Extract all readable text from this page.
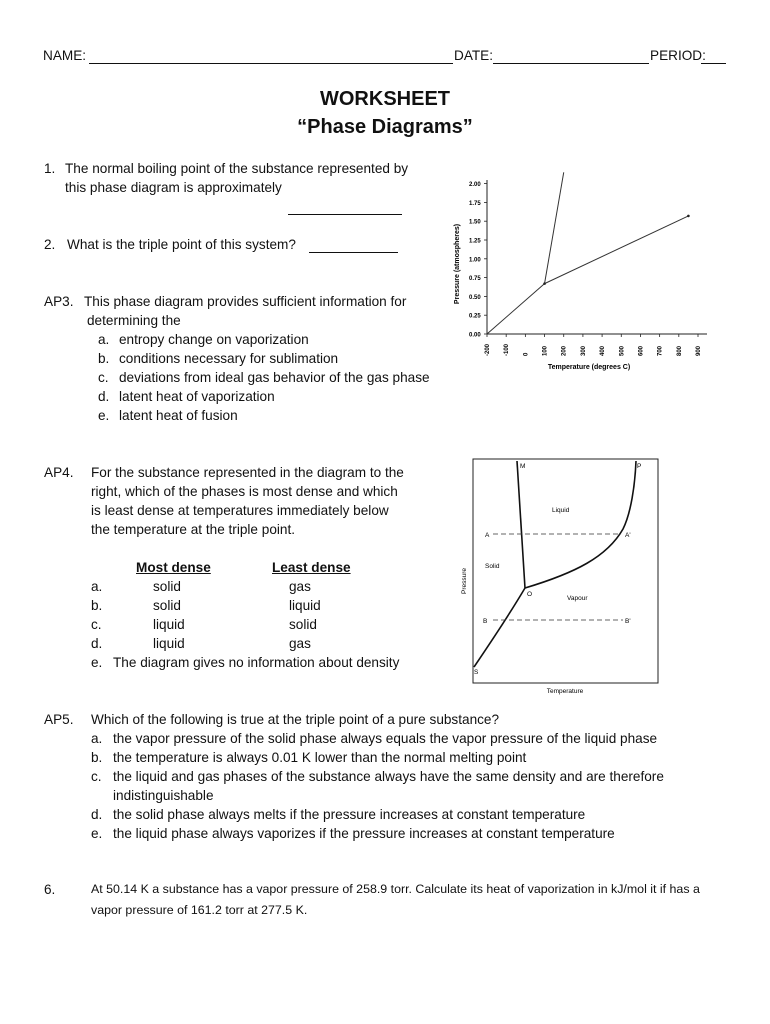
NAME:	DATE:	PERIOD:
WORKSHEET
“Phase Diagrams”
1. The normal boiling point of the substance represented by
this phase diagram is approximately
2. What is the triple point of this system?
AP3. This phase diagram provides sufficient information for
determining the
a. entropy change on vaporization
b. conditions necessary for sublimation
c. deviations from ideal gas behavior of the gas phase
d. latent heat of vaporization
e. latent heat of fusion
Pressure (atmospheres)
Temperature (degrees C)
0.00
0.25
0.50
0.75
1.00
1.25
1.50
1.75
2.00
-200 -100 0 100 200 300 400 500 600 700 800 900
AP4. For the substance represented in the diagram to the
right, which of the phases is most dense and which
is least dense at temperatures immediately below
the temperature at the triple point.
Most dense	Least dense
a.	solid	gas
b.	solid	liquid
c.	liquid	solid
d.	liquid	gas
e. The diagram gives no information about density
Pressure
Temperature
M	P
Liquid
Solid
Vapour
O
S
A	A'
B	B'
AP5. Which of the following is true at the triple point of a pure substance?
a. the vapor pressure of the solid phase always equals the vapor pressure of the liquid phase
b. the temperature is always 0.01 K lower than the normal melting point
c. the liquid and gas phases of the substance always have the same density and are therefore
indistinguishable
d. the solid phase always melts if the pressure increases at constant temperature
e. the liquid phase always vaporizes if the pressure increases at constant temperature
6.	At 50.14 K a substance has a vapor pressure of 258.9 torr. Calculate its heat of vaporization in kJ/mol it if has a
vapor pressure of 161.2 torr at 277.5 K.
